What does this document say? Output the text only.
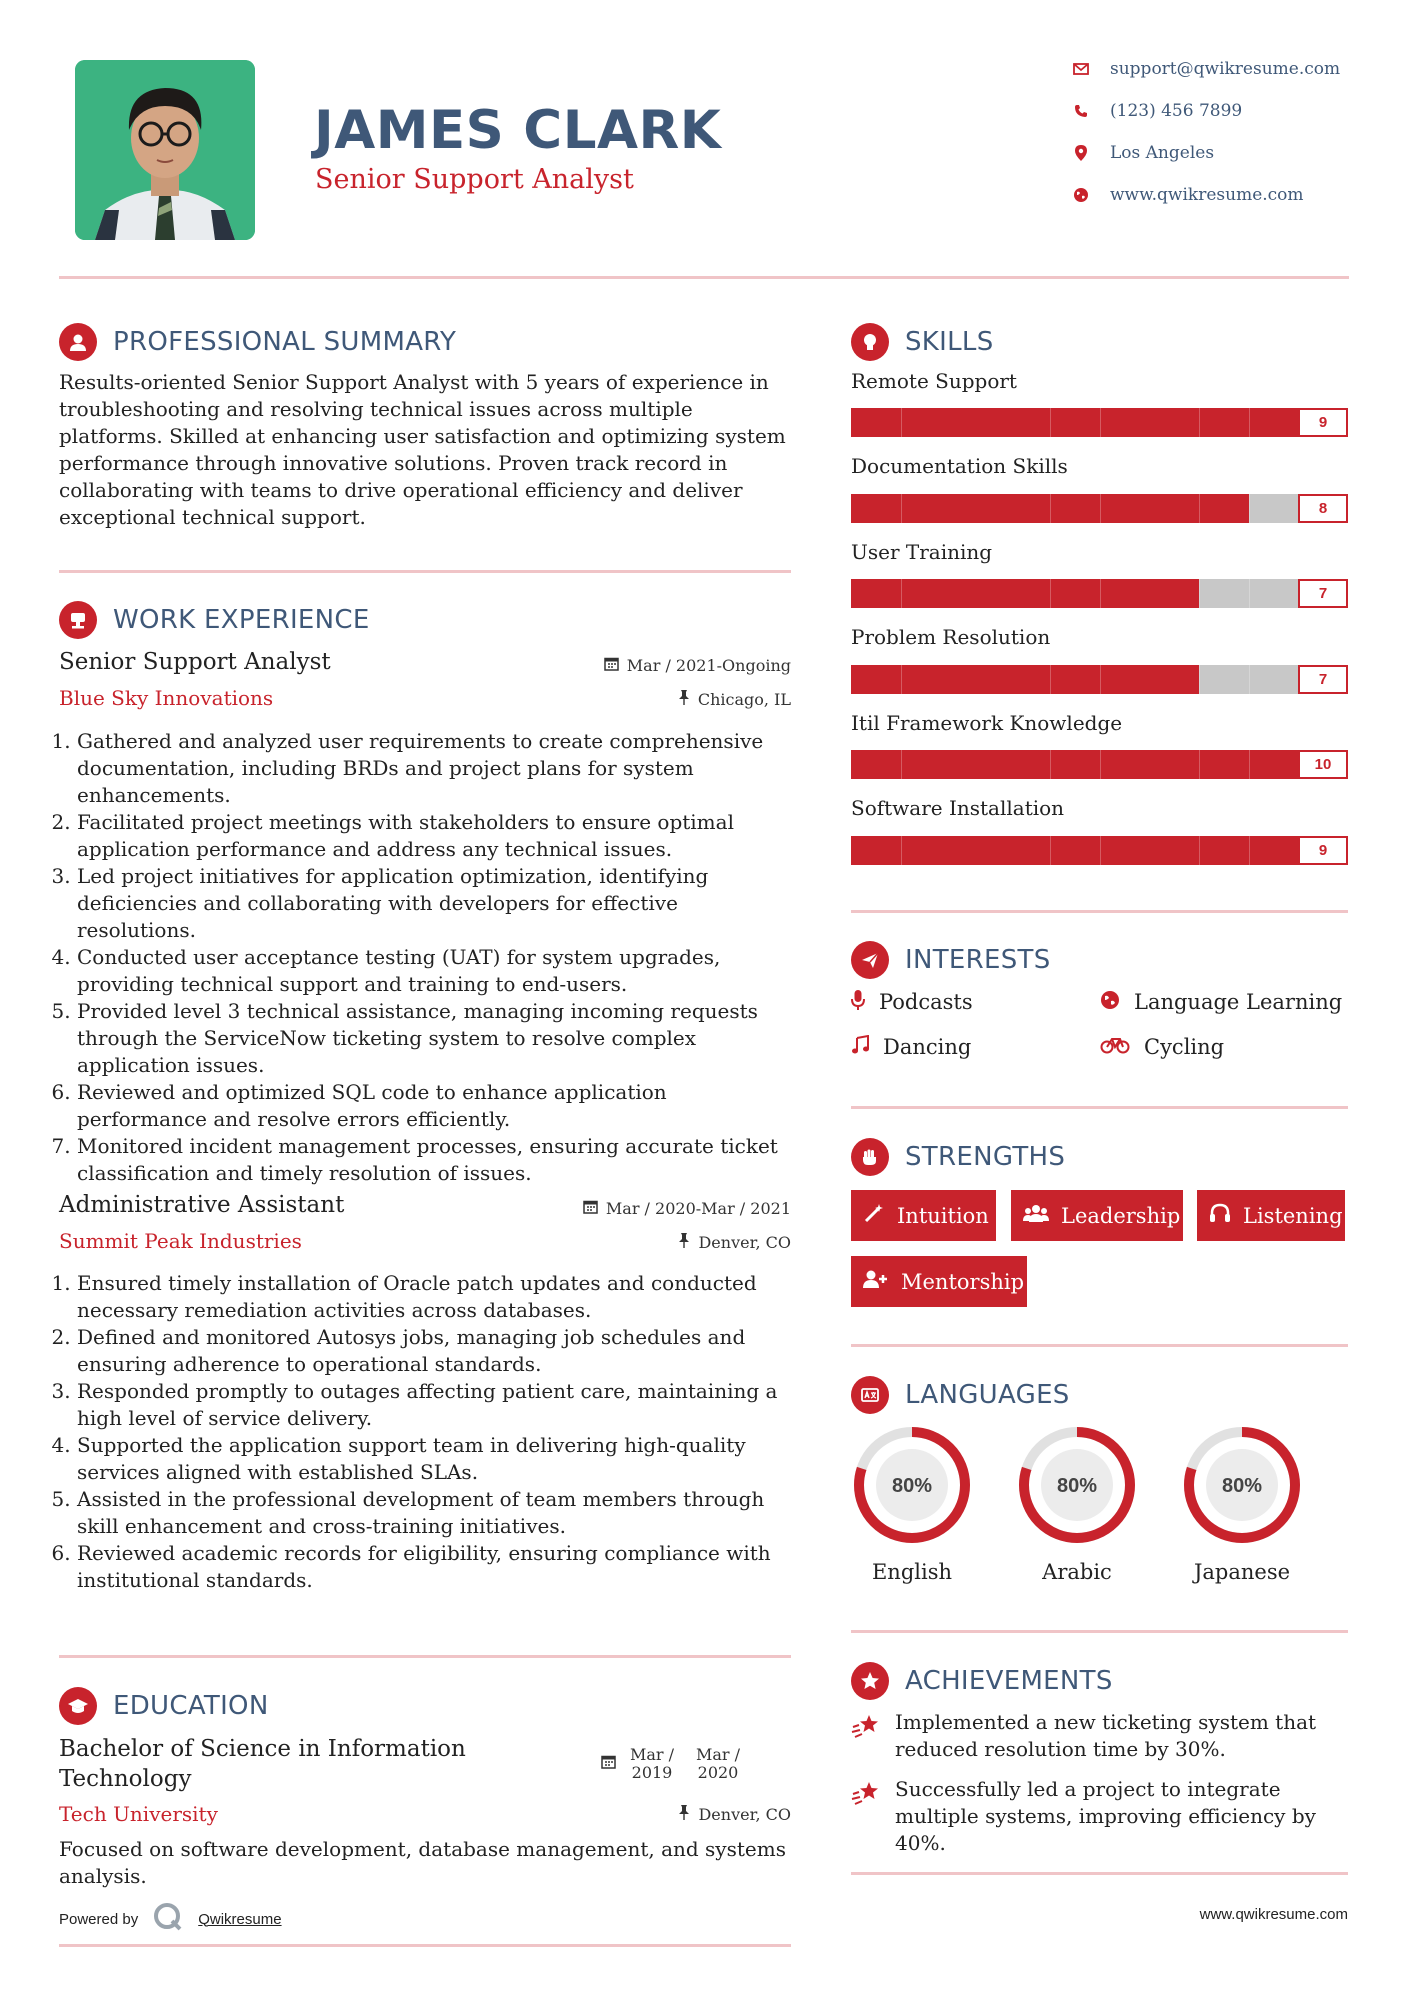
JAMES CLARK
Senior Support Analyst
support@qwikresume.com
(123) 456 7899
Los Angeles
www.qwikresume.com
PROFESSIONAL SUMMARY
Results-oriented Senior Support Analyst with 5 years of experience in troubleshooting and resolving technical issues across multiple platforms. Skilled at enhancing user satisfaction and optimizing system performance through innovative solutions. Proven track record in collaborating with teams to drive operational efficiency and deliver exceptional technical support.
WORK EXPERIENCE
Senior Support Analyst	Mar / 2021-Ongoing
Blue Sky Innovations	Chicago, IL
1. Gathered and analyzed user requirements to create comprehensive documentation, including BRDs and project plans for system enhancements.
2. Facilitated project meetings with stakeholders to ensure optimal application performance and address any technical issues.
3. Led project initiatives for application optimization, identifying deficiencies and collaborating with developers for effective resolutions.
4. Conducted user acceptance testing (UAT) for system upgrades, providing technical support and training to end-users.
5. Provided level 3 technical assistance, managing incoming requests through the ServiceNow ticketing system to resolve complex application issues.
6. Reviewed and optimized SQL code to enhance application performance and resolve errors efficiently.
7. Monitored incident management processes, ensuring accurate ticket classification and timely resolution of issues.
Administrative Assistant	Mar / 2020-Mar / 2021
Summit Peak Industries	Denver, CO
1. Ensured timely installation of Oracle patch updates and conducted necessary remediation activities across databases.
2. Defined and monitored Autosys jobs, managing job schedules and ensuring adherence to operational standards.
3. Responded promptly to outages affecting patient care, maintaining a high level of service delivery.
4. Supported the application support team in delivering high-quality services aligned with established SLAs.
5. Assisted in the professional development of team members through skill enhancement and cross-training initiatives.
6. Reviewed academic records for eligibility, ensuring compliance with institutional standards.
EDUCATION
Bachelor of Science in Information Technology
Mar / 2019
Mar / 2020
Tech University	Denver, CO
Focused on software development, database management, and systems analysis.
Powered by	Qwikresume	www.qwikresume.com
SKILLS
Remote Support
9
Documentation Skills
8
User Training
7
Problem Resolution
7
Itil Framework Knowledge
10
Software Installation
9
INTERESTS
Podcasts	Language Learning
Dancing	Cycling
STRENGTHS
Intuition	Leadership	Listening
Mentorship
LANGUAGES
80%
English
80%
Arabic
80%
Japanese
ACHIEVEMENTS
Implemented a new ticketing system that reduced resolution time by 30%.
Successfully led a project to integrate multiple systems, improving efficiency by 40%.
